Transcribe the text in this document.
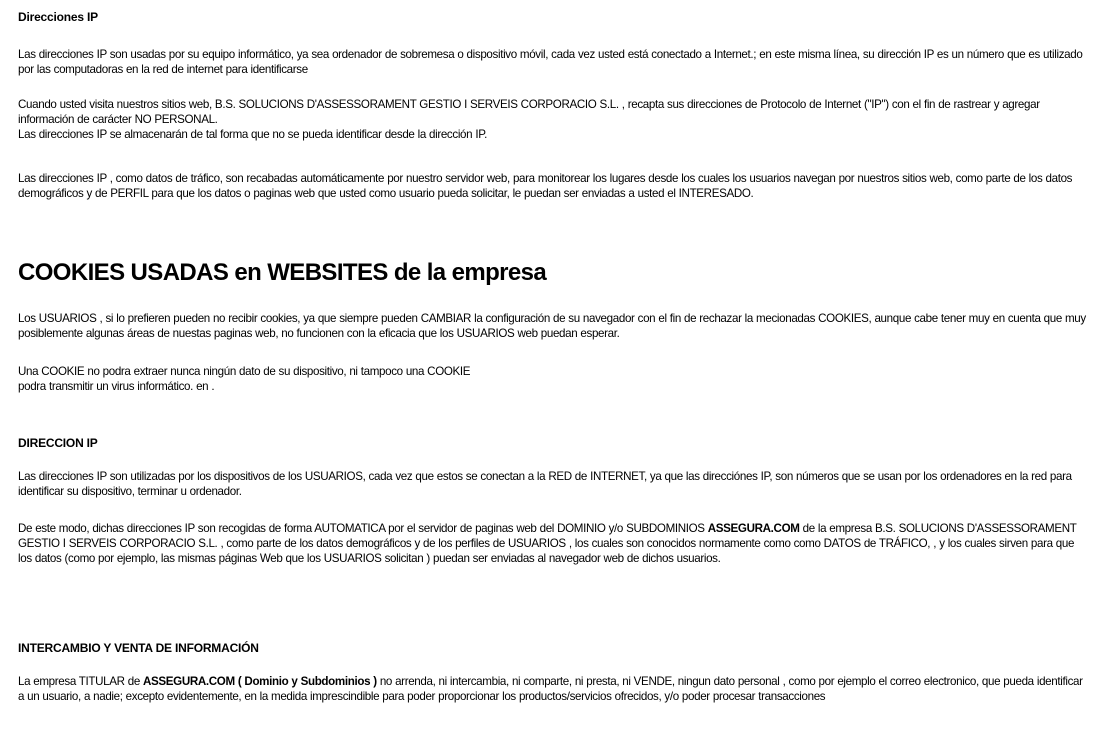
Direcciones IP

Las direcciones IP son usadas por su equipo informático, ya sea ordenador de sobremesa o dispositivo móvil, cada vez usted está conectado a Internet.; en este misma línea, su dirección IP es un número que es utilizado por las computadoras en la red de internet para identificarse

Cuando usted visita nuestros sitios web, B.S. SOLUCIONS D'ASSESSORAMENT GESTIO I SERVEIS CORPORACIO S.L. , recapta sus direcciones de Protocolo de Internet ("IP") con el fin de rastrear y agregar información de carácter NO PERSONAL.
Las direcciones IP se almacenarán de tal forma que no se pueda identificar desde la dirección IP.

Las direcciones IP , como datos de tráfico, son recabadas automáticamente por nuestro servidor web, para monitorear los lugares desde los cuales los usuarios navegan por nuestros sitios web, como parte de los datos demográficos y de PERFIL para que los datos o paginas web que usted como usuario pueda solicitar, le puedan ser enviadas a usted el INTERESADO.

COOKIES USADAS en WEBSITES de la empresa

Los USUARIOS , si lo prefieren pueden no recibir cookies, ya que siempre pueden CAMBIAR la configuración de su navegador con el fin de rechazar la mecionadas COOKIES, aunque cabe tener muy en cuenta que muy posiblemente algunas áreas de nuestas paginas web, no funcionen con la eficacia que los USUARIOS web puedan esperar.

Una COOKIE no podra extraer nunca ningún dato de su dispositivo, ni tampoco una COOKIE
podra transmitir un virus informático. en .

DIRECCION IP

Las direcciones IP son utilizadas por los dispositivos de los USUARIOS, cada vez que estos se conectan a la RED de INTERNET, ya que las direcciónes IP, son números que se usan por los ordenadores en la red para identificar su dispositivo, terminar u ordenador.

De este modo, dichas direcciones IP son recogidas de forma AUTOMATICA por el servidor de paginas web del DOMINIO y/o SUBDOMINIOS ASSEGURA.COM de la empresa B.S. SOLUCIONS D'ASSESSORAMENT GESTIO I SERVEIS CORPORACIO S.L. , como parte de los datos demográficos y de los perfiles de USUARIOS , los cuales son conocidos normamente como como DATOS de TRÁFICO, , y los cuales sirven para que los datos (como por ejemplo, las mismas páginas Web que los USUARIOS solicitan ) puedan ser enviadas al navegador web de dichos usuarios.

INTERCAMBIO Y VENTA DE INFORMACIÓN

La empresa TITULAR de ASSEGURA.COM ( Dominio y Subdominios ) no arrenda, ni intercambia, ni comparte, ni presta, ni VENDE, ningun dato personal , como por ejemplo el correo electronico, que pueda identificar a un usuario, a nadie; excepto evidentemente, en la medida imprescindible para poder proporcionar los productos/servicios ofrecidos, y/o poder procesar transacciones
